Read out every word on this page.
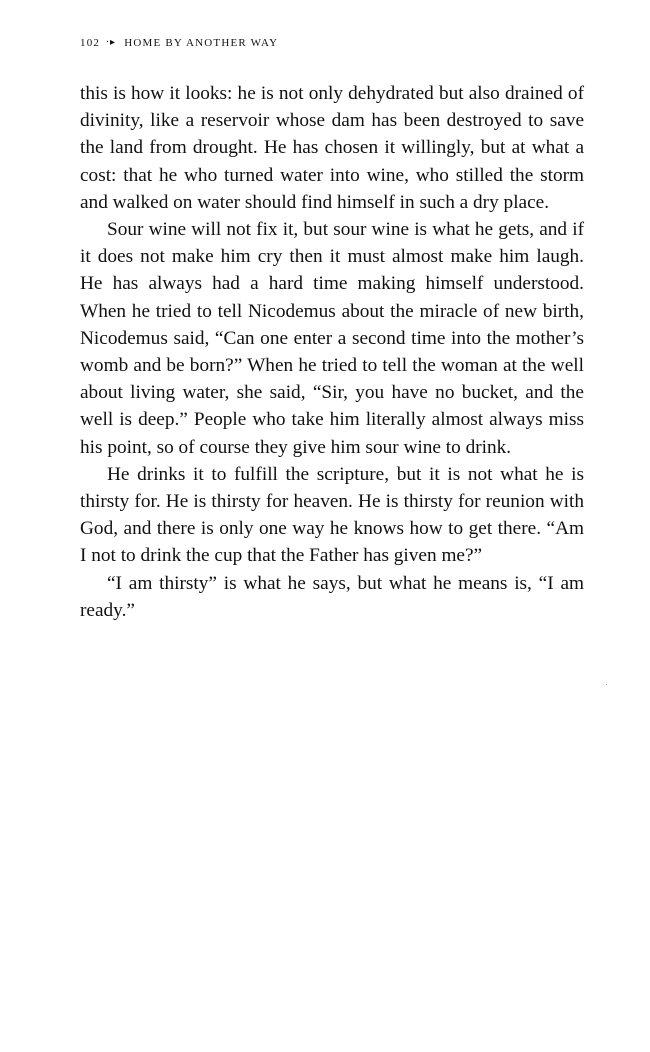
102 ⸱▸ HOME BY ANOTHER WAY

this is how it looks: he is not only dehydrated but also drained of divinity, like a reservoir whose dam has been destroyed to save the land from drought. He has chosen it willingly, but at what a cost: that he who turned water into wine, who stilled the storm and walked on water should find himself in such a dry place.

Sour wine will not fix it, but sour wine is what he gets, and if it does not make him cry then it must almost make him laugh. He has always had a hard time making himself understood. When he tried to tell Nicodemus about the miracle of new birth, Nicodemus said, “Can one enter a second time into the mother’s womb and be born?” When he tried to tell the woman at the well about living water, she said, “Sir, you have no bucket, and the well is deep.” People who take him literally almost always miss his point, so of course they give him sour wine to drink.

He drinks it to fulfill the scripture, but it is not what he is thirsty for. He is thirsty for heaven. He is thirsty for reunion with God, and there is only one way he knows how to get there. “Am I not to drink the cup that the Father has given me?”

“I am thirsty” is what he says, but what he means is, “I am ready.”
